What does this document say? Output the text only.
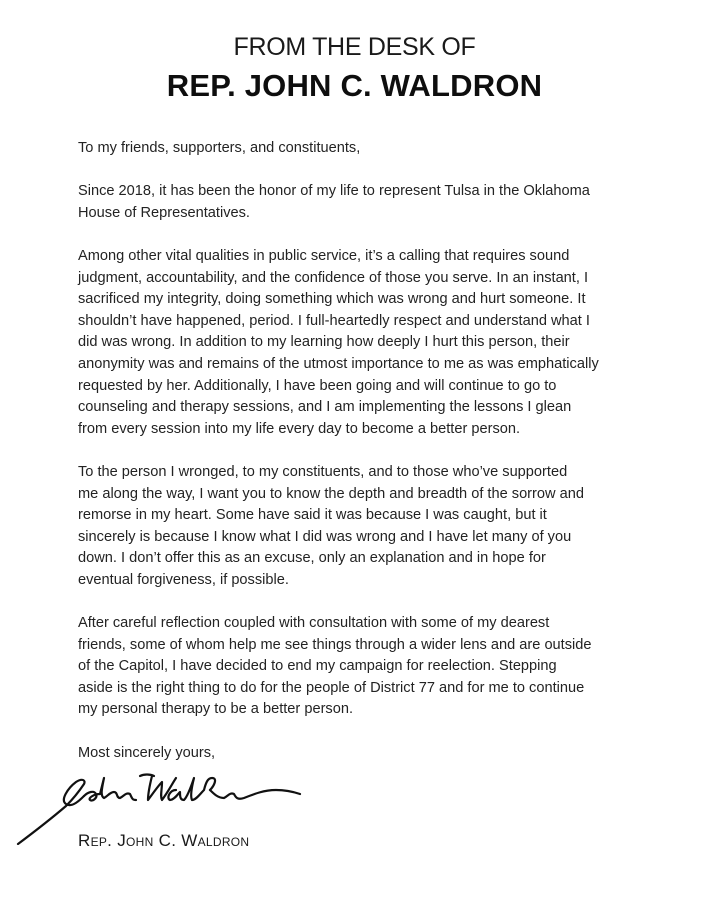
FROM THE DESK OF
REP. JOHN C. WALDRON

To my friends, supporters, and constituents,

Since 2018, it has been the honor of my life to represent Tulsa in the Oklahoma
House of Representatives.

Among other vital qualities in public service, it’s a calling that requires sound
judgment, accountability, and the confidence of those you serve. In an instant, I
sacrificed my integrity, doing something which was wrong and hurt someone. It
shouldn’t have happened, period. I full-heartedly respect and understand what I
did was wrong. In addition to my learning how deeply I hurt this person, their
anonymity was and remains of the utmost importance to me as was emphatically
requested by her. Additionally, I have been going and will continue to go to
counseling and therapy sessions, and I am implementing the lessons I glean
from every session into my life every day to become a better person.

To the person I wronged, to my constituents, and to those who’ve supported
me along the way, I want you to know the depth and breadth of the sorrow and
remorse in my heart. Some have said it was because I was caught, but it
sincerely is because I know what I did was wrong and I have let many of you
down. I don’t offer this as an excuse, only an explanation and in hope for
eventual forgiveness, if possible.

After careful reflection coupled with consultation with some of my dearest
friends, some of whom help me see things through a wider lens and are outside
of the Capitol, I have decided to end my campaign for reelection. Stepping
aside is the right thing to do for the people of District 77 and for me to continue
my personal therapy to be a better person.

Most sincerely yours,
Rep. John C. Waldron
